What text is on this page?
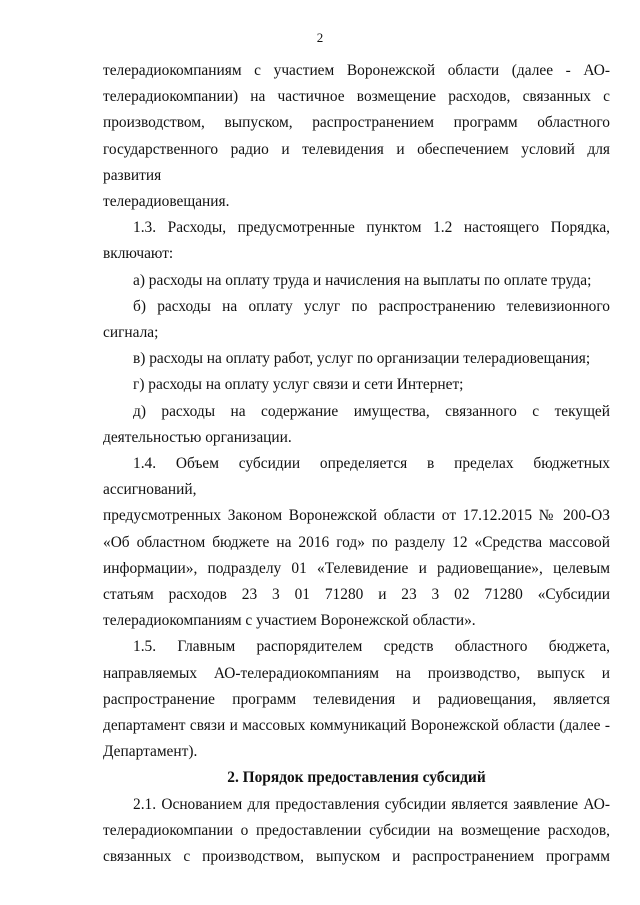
2
телерадиокомпаниям с участием Воронежской области (далее - АО-
телерадиокомпании) на частичное возмещение расходов, связанных с
производством, выпуском, распространением программ областного
государственного радио и телевидения и обеспечением условий для развития
телерадиовещания.
1.3. Расходы, предусмотренные пунктом 1.2 настоящего Порядка,
включают:
а) расходы на оплату труда и начисления на выплаты по оплате труда;
б) расходы на оплату услуг по распространению телевизионного
сигнала;
в) расходы на оплату работ, услуг по организации телерадиовещания;
г) расходы на оплату услуг связи и сети Интернет;
д) расходы на содержание имущества, связанного с текущей
деятельностью организации.
1.4. Объем субсидии определяется в пределах бюджетных ассигнований,
предусмотренных Законом Воронежской области от 17.12.2015 № 200-ОЗ
«Об областном бюджете на 2016 год» по разделу 12 «Средства массовой
информации», подразделу 01 «Телевидение и радиовещание», целевым
статьям расходов 23 3 01 71280 и 23 3 02 71280 «Субсидии
телерадиокомпаниям с участием Воронежской области».
1.5. Главным распорядителем средств областного бюджета,
направляемых АО-телерадиокомпаниям на производство, выпуск и
распространение программ телевидения и радиовещания, является
департамент связи и массовых коммуникаций Воронежской области (далее -
Департамент).
2. Порядок предоставления субсидий
2.1. Основанием для предоставления субсидии является заявление АО-
телерадиокомпании о предоставлении субсидии на возмещение расходов,
связанных с производством, выпуском и распространением программ
